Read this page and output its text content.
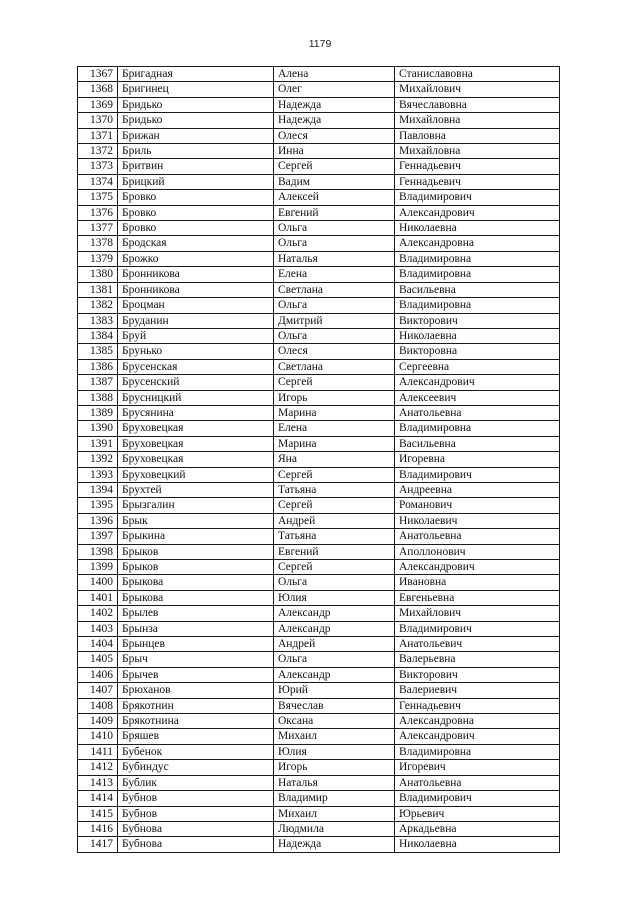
1179
1367	Бригадная	Алена	Станиславовна
1368	Бригинец	Олег	Михайлович
1369	Бридько	Надежда	Вячеславовна
1370	Бридько	Надежда	Михайловна
1371	Брижан	Олеся	Павловна
1372	Бриль	Инна	Михайловна
1373	Бритвин	Сергей	Геннадьевич
1374	Брицкий	Вадим	Геннадьевич
1375	Бровко	Алексей	Владимирович
1376	Бровко	Евгений	Александрович
1377	Бровко	Ольга	Николаевна
1378	Бродская	Ольга	Александровна
1379	Брожко	Наталья	Владимировна
1380	Бронникова	Елена	Владимировна
1381	Бронникова	Светлана	Васильевна
1382	Броцман	Ольга	Владимировна
1383	Бруданин	Дмитрий	Викторович
1384	Бруй	Ольга	Николаевна
1385	Брунько	Олеся	Викторовна
1386	Брусенская	Светлана	Сергеевна
1387	Брусенский	Сергей	Александрович
1388	Брусницкий	Игорь	Алексеевич
1389	Брусянина	Марина	Анатольевна
1390	Бруховецкая	Елена	Владимировна
1391	Бруховецкая	Марина	Васильевна
1392	Бруховецкая	Яна	Игоревна
1393	Бруховецкий	Сергей	Владимирович
1394	Брухтей	Татьяна	Андреевна
1395	Брызгалин	Сергей	Романович
1396	Брык	Андрей	Николаевич
1397	Брыкина	Татьяна	Анатольевна
1398	Брыков	Евгений	Аполлонович
1399	Брыков	Сергей	Александрович
1400	Брыкова	Ольга	Ивановна
1401	Брыкова	Юлия	Евгеньевна
1402	Брылев	Александр	Михайлович
1403	Брынза	Александр	Владимирович
1404	Брынцев	Андрей	Анатольевич
1405	Брыч	Ольга	Валерьевна
1406	Брычев	Александр	Викторович
1407	Брюханов	Юрий	Валериевич
1408	Брякотнин	Вячеслав	Геннадьевич
1409	Брякотнина	Оксана	Александровна
1410	Бряшев	Михаил	Александрович
1411	Бубенок	Юлия	Владимировна
1412	Бубиндус	Игорь	Игоревич
1413	Бублик	Наталья	Анатольевна
1414	Бубнов	Владимир	Владимирович
1415	Бубнов	Михаил	Юрьевич
1416	Бубнова	Людмила	Аркадьевна
1417	Бубнова	Надежда	Николаевна
